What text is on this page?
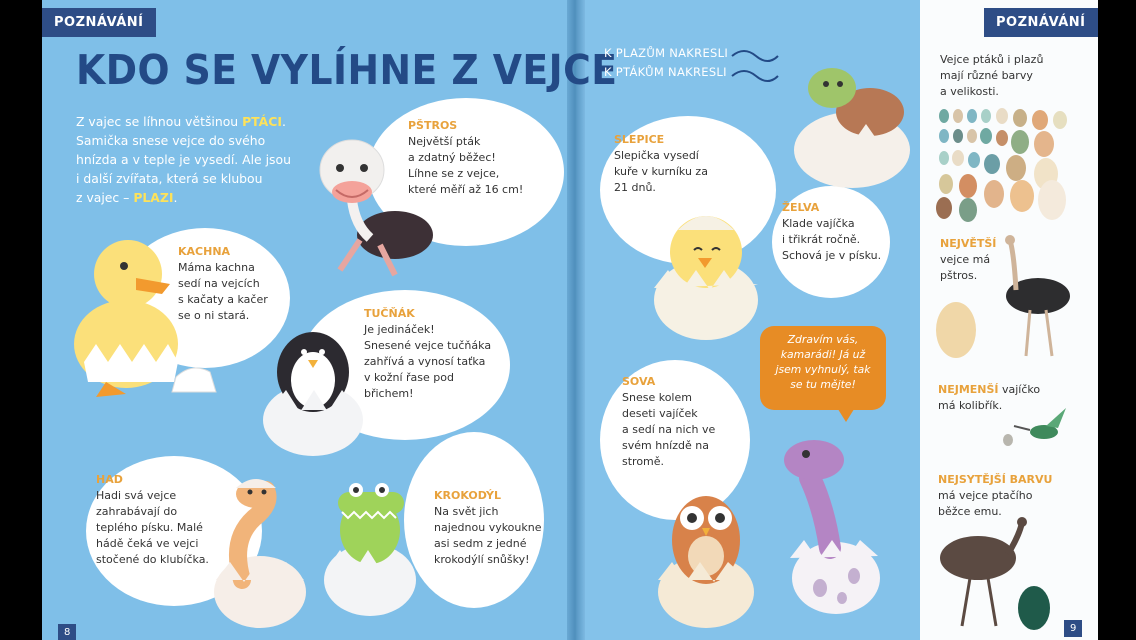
POZNÁVÁNÍ
KDO SE VYLÍHNE Z VEJCE
Z vajec se líhnou většinou PTÁCI.
Samička snese vejce do svého
hnízda a v teple je vysedí. Ale jsou
i další zvířata, která se klubou
z vajec – PLAZI.
PŠTROS
Největší pták
a zdatný běžec!
Líhne se z vejce,
které měří až 16 cm!
KACHNA
Máma kachna
sedí na vejcích
s kačaty a kačer
se o ni stará.	TUČŇÁK
Je jedináček!
Snesené vejce tučňáka
zahřívá a vynosí taťka
v kožní řase pod
břichem!
HAD
Hadi svá vejce
zahrabávají do
teplého písku. Malé
hádě čeká ve vejci
stočené do klubíčka.
KROKODÝL
Na svět jich
najednou vykoukne
asi sedm z jedné
krokodýlí snůšky!
8
K PLAZŮM NAKRESLI
K PTÁKŮM NAKRESLI
SLEPICE
Slepička vysedí
kuře v kurníku za
21 dnů.
ŽELVA
Klade vajíčka
i třikrát ročně.
Schová je v písku.
SOVA
Snese kolem
deseti vajíček
a sedí na nich ve
svém hnízdě na
stromě.
Zdravím vás,
kamarádi! Já už
jsem vyhnulý, tak
se tu mějte!
9
POZNÁVÁNÍ
Vejce ptáků i plazů
mají různé barvy
a velikosti.
NEJVĚTŠÍ
vejce má
pštros.
NEJMENŠÍ vajíčko
má kolibřík.
NEJSYTĚJŠÍ BARVU
má vejce ptačího
běžce emu.
